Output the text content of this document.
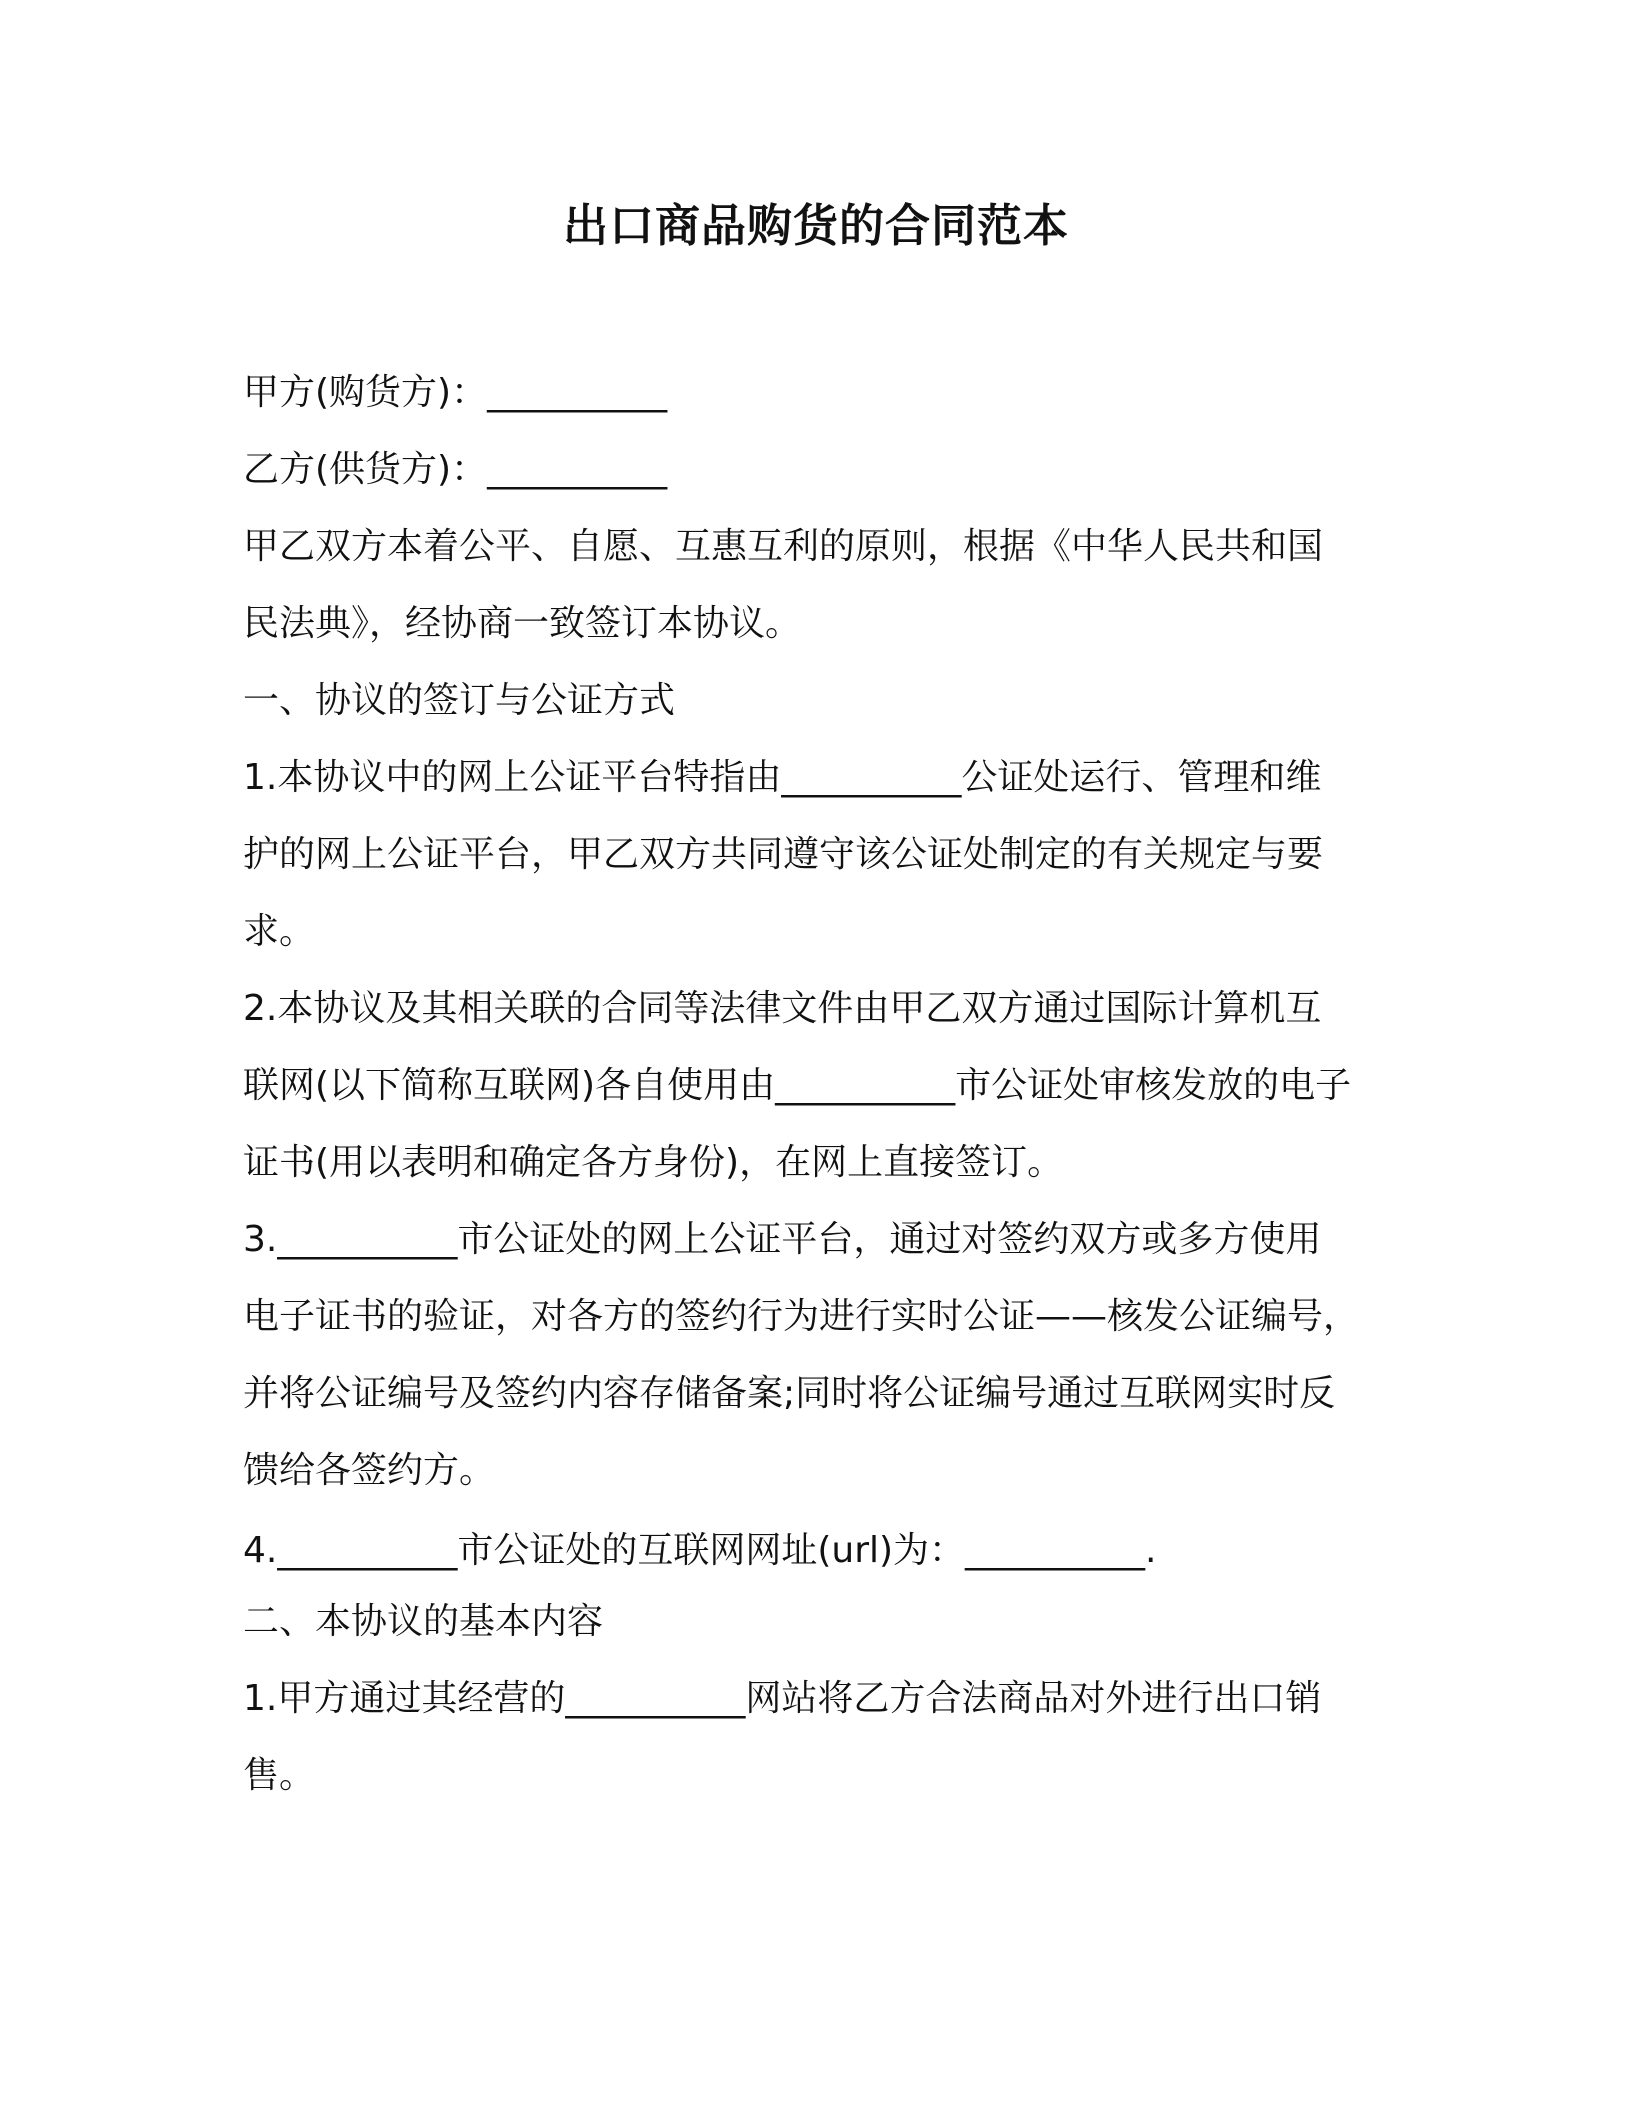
出口商品购货的合同范本

甲方(购货方)：__________

乙方(供货方)：__________

甲乙双方本着公平、自愿、互惠互利的原则，根据《中华人民共和国

民法典》，经协商一致签订本协议。

一、协议的签订与公证方式

1.本协议中的网上公证平台特指由__________公证处运行、管理和维

护的网上公证平台，甲乙双方共同遵守该公证处制定的有关规定与要

求。

2.本协议及其相关联的合同等法律文件由甲乙双方通过国际计算机互

联网(以下简称互联网)各自使用由__________市公证处审核发放的电子

证书(用以表明和确定各方身份)，在网上直接签订。

3.__________市公证处的网上公证平台，通过对签约双方或多方使用

电子证书的验证，对各方的签约行为进行实时公证——核发公证编号，

并将公证编号及签约内容存储备案;同时将公证编号通过互联网实时反

馈给各签约方。

4.__________市公证处的互联网网址(url)为：__________.

二、本协议的基本内容

1.甲方通过其经营的__________网站将乙方合法商品对外进行出口销

售。
